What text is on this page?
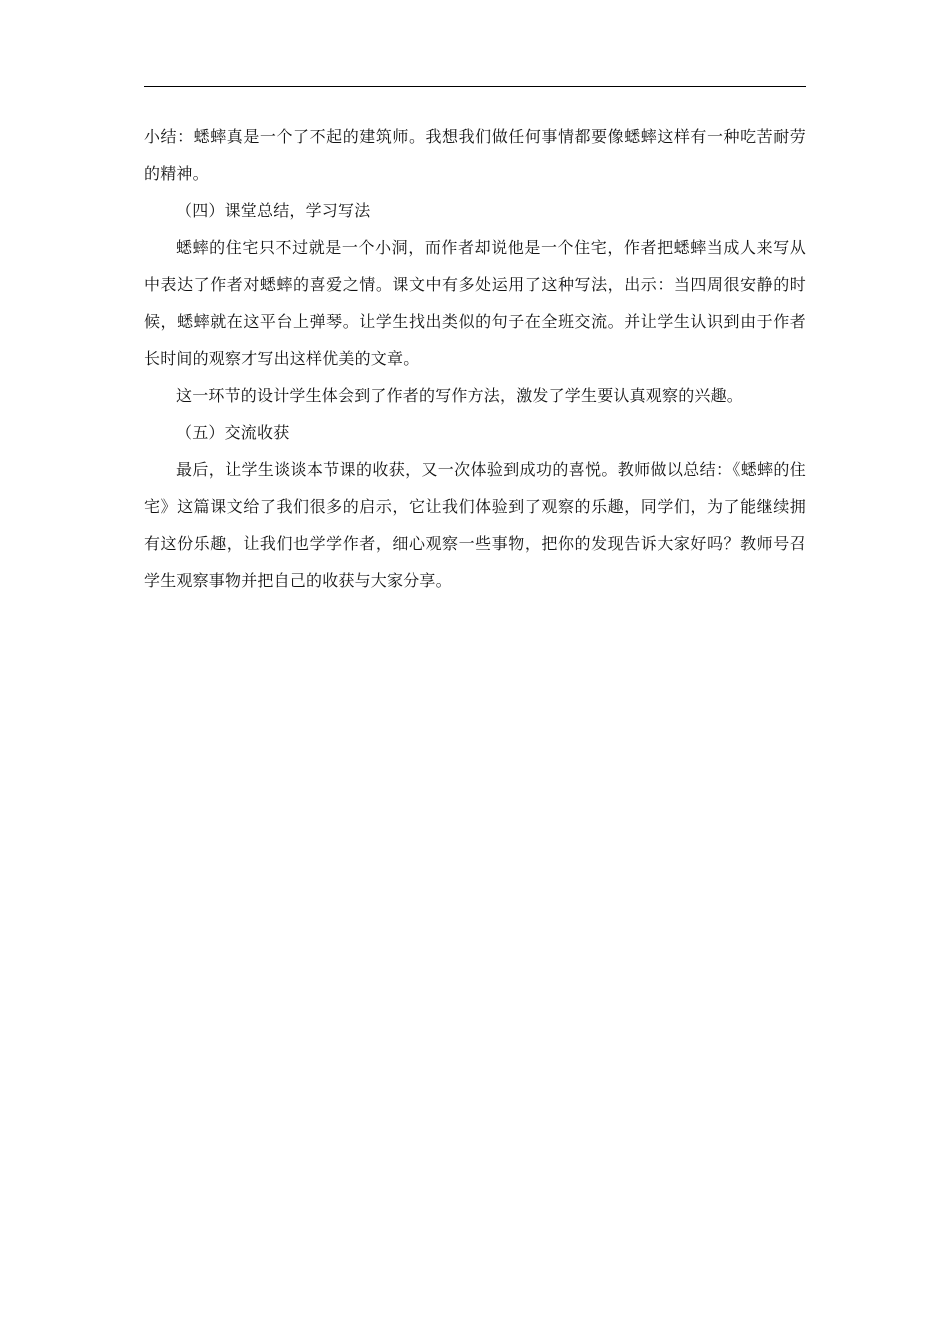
小结：蟋蟀真是一个了不起的建筑师。我想我们做任何事情都要像蟋蟀这样有一种吃苦耐劳的精神。

（四）课堂总结，学习写法

蟋蟀的住宅只不过就是一个小洞，而作者却说他是一个住宅，作者把蟋蟀当成人来写从中表达了作者对蟋蟀的喜爱之情。课文中有多处运用了这种写法，出示：当四周很安静的时候，蟋蟀就在这平台上弹琴。让学生找出类似的句子在全班交流。并让学生认识到由于作者长时间的观察才写出这样优美的文章。

这一环节的设计学生体会到了作者的写作方法，激发了学生要认真观察的兴趣。

（五）交流收获

最后，让学生谈谈本节课的收获，又一次体验到成功的喜悦。教师做以总结：《蟋蟀的住宅》这篇课文给了我们很多的启示，它让我们体验到了观察的乐趣，同学们，为了能继续拥有这份乐趣，让我们也学学作者，细心观察一些事物，把你的发现告诉大家好吗？教师号召学生观察事物并把自己的收获与大家分享。
